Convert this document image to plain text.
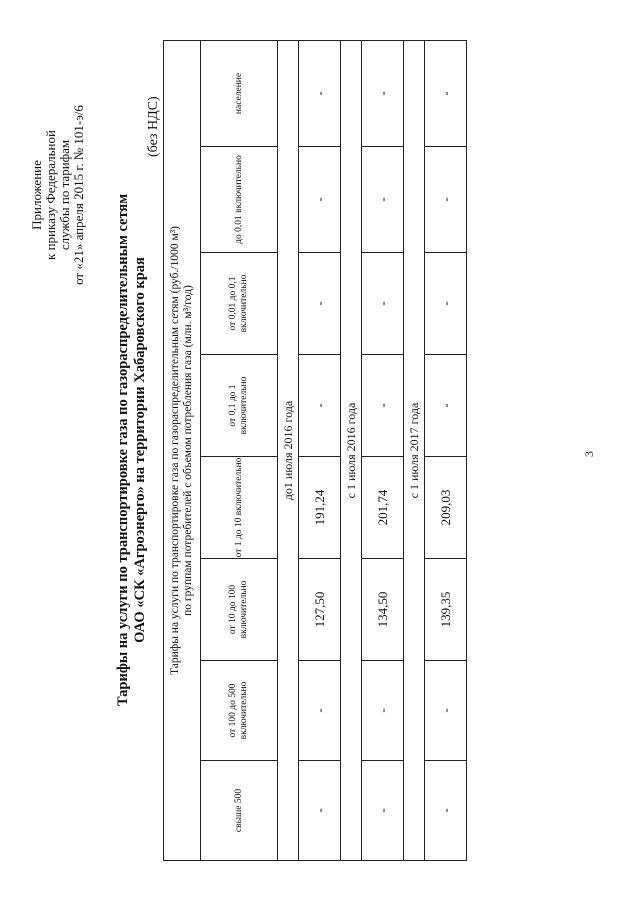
Приложение к приказу Федеральной службы по тарифам от «21» апреля 2015 г. № 101-э/6 Тарифы на услуги по транспортировке газа по газораспределительным сетям ОАО «СК «Агроэнерго» на территории Хабаровского края
(без НДС)
Тарифы на услуги по транспортировке газа по газораспределительным сетям (руб./1000 м³) по группам потребителей с объемом потребления газа (млн. м³/год)							

свыше 500	от 100 до 500 включительно	от 10 до 100 включительно	от 1 до 10 включительно	от 0,1 до 1 включительно	от 0,01 до 0,1 включительно	до 0,01 включительно	население
до1 июля 2016 года							
-	-	127,50	191,24	-	-	-	-
с 1 июля 2016 года							
-	-	134,50	201,74	-	-	-	-
с 1 июля 2017 года							
-	-	139,35	209,03	-	-	-	-
3
